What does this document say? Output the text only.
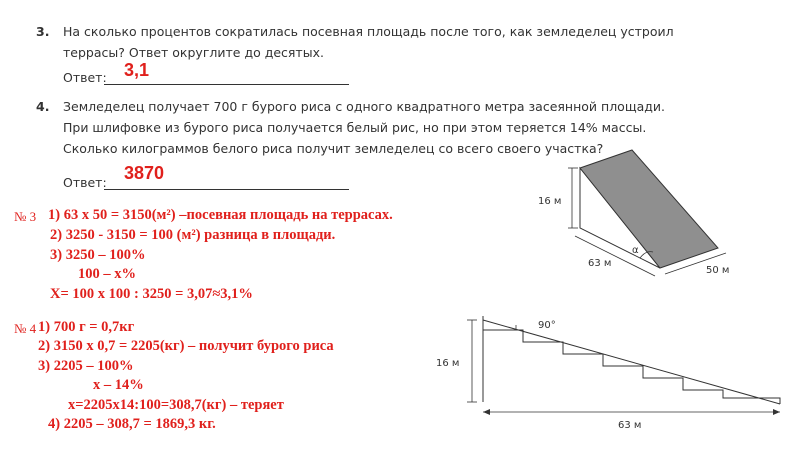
3. На сколько процентов сократилась посевная площадь после того, как земледелец устроил
террасы? Ответ округлите до десятых.
Ответ: 3,1
4. Земледелец получает 700 г бурого риса с одного квадратного метра засеянной площади.
При шлифовке из бурого риса получается белый рис, но при этом теряется 14% массы.
Сколько килограммов белого риса получит земледелец со всего своего участка?
Ответ: 3870
№ 3 1) 63 х 50 = 3150(м²) –посевная площадь на террасах.
2) 3250 - 3150 = 100 (м²) разница в площади.
3) 3250 – 100%
100 – х%
Х= 100 х 100 : 3250 = 3,07≈3,1%
№ 4 1) 700 г = 0,7кг
2) 3150 х 0,7 = 2205(кг) – получит бурого риса
3) 2205 – 100%
х – 14%
х=2205х14:100=308,7(кг) – теряет
4) 2205 – 308,7 = 1869,3 кг.
α
16 м
63 м
50 м
90°
16 м
63 м
